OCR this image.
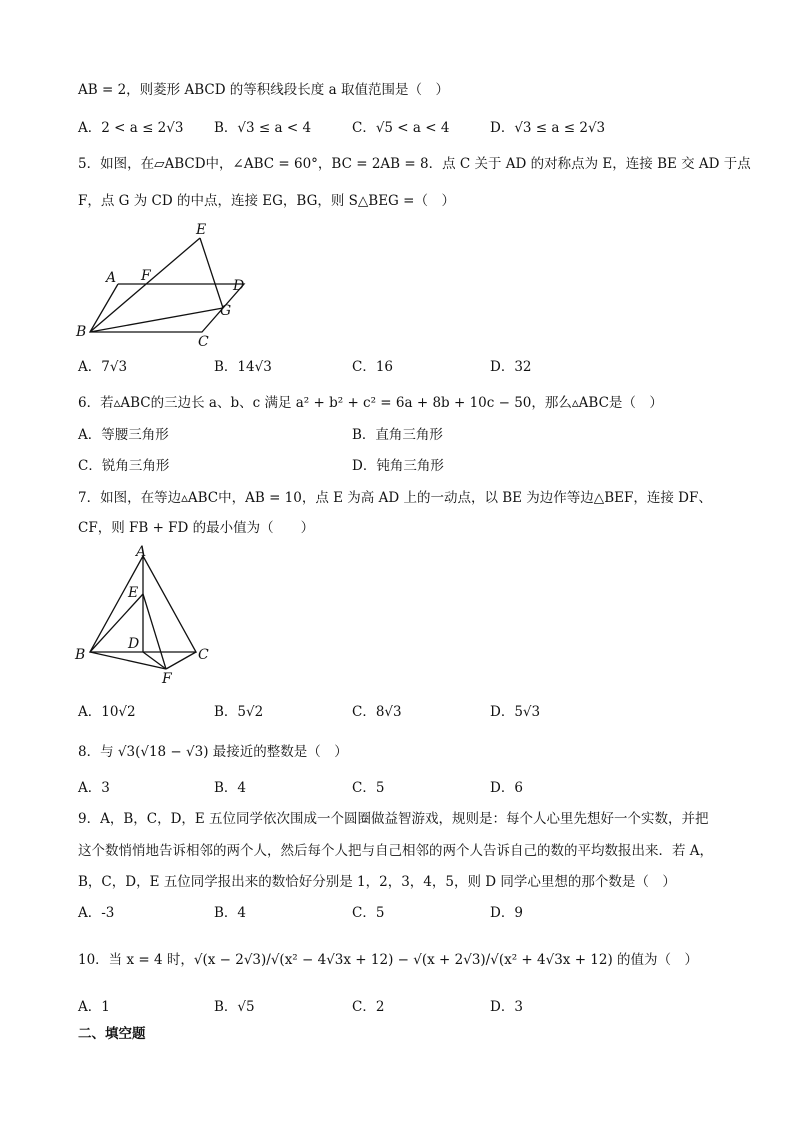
AB = 2，则菱形 ABCD 的等积线段长度 a 取值范围是（　）
A．2 < a ≤ 2√3 B．√3 ≤ a < 4	C．√5 < a < 4	D．√3 ≤ a ≤ 2√3
5．如图，在▱ABCD中，∠ABC = 60°，BC = 2AB = 8．点 C 关于 AD 的对称点为 E，连接 BE 交 AD 于点
F，点 G 为 CD 的中点，连接 EG，BG，则 S△BEG =（　）
A F
D
E
G
B
C
A．7√3	B．14√3	C．16	D．32
6．若▵ABC的三边长 a、b、c 满足 a² + b² + c² = 6a + 8b + 10c − 50，那么▵ABC是（　）
A．等腰三角形	B．直角三角形
C．锐角三角形	D．钝角三角形
7．如图，在等边▵ABC中，AB = 10，点 E 为高 AD 上的一动点，以 BE 为边作等边△BEF，连接 DF、
CF，则 FB + FD 的最小值为（　　）
A
E
D
B	C
F
A．10√2	B．5√2	C．8√3	D．5√3
8．与 √3(√18 − √3) 最接近的整数是（　）
A．3	B．4	C．5	D．6
9．A，B，C，D，E 五位同学依次围成一个圆圈做益智游戏，规则是：每个人心里先想好一个实数，并把
这个数悄悄地告诉相邻的两个人，然后每个人把与自己相邻的两个人告诉自己的数的平均数报出来．若 A，
B，C，D，E 五位同学报出来的数恰好分别是 1，2，3，4，5，则 D 同学心里想的那个数是（　）
A．-3	B．4	C．5	D．9
10．当 x = 4 时，√(x − 2√3)/√(x² − 4√3x + 12) − √(x + 2√3)/√(x² + 4√3x + 12) 的值为（　）
A．1	B．√5	C．2	D．3
二、填空题
